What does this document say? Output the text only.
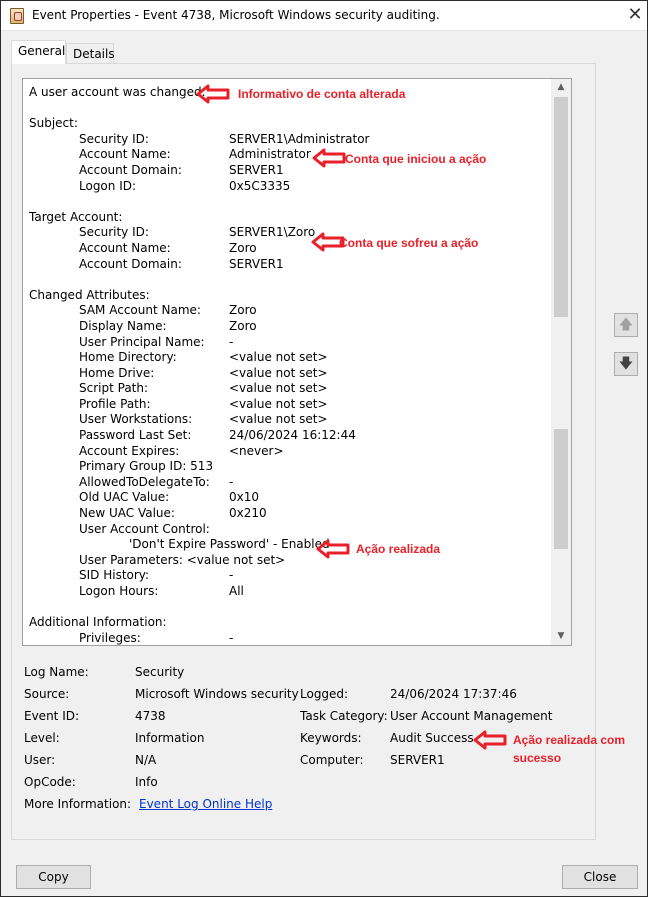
Event Properties - Event 4738, Microsoft Windows security auditing.	✕
General Details
A user account was changed.
Subject:
Security ID:	SERVER1\Administrator
Account Name:	Administrator
Account Domain:	SERVER1
Logon ID:	0x5C3335
Target Account:
Security ID:	SERVER1\Zoro
Account Name:	Zoro
Account Domain:	SERVER1
Changed Attributes:
SAM Account Name: Zoro
Display Name:	Zoro
User Principal Name: -
Home Directory:	<value not set>
Home Drive:	<value not set>
Script Path:	<value not set>
Profile Path:	<value not set>
User Workstations:	<value not set>
Password Last Set:	24/06/2024 16:12:44
Account Expires:	<never>
Primary Group ID: 513
AllowedToDelegateTo: -
Old UAC Value:	0x10
New UAC Value:	0x210
User Account Control:
'Don't Expire Password' - Enabled
User Parameters: <value not set>
SID History:	-
Logon Hours:	All
Additional Information:
Privileges:	-
▲
▼
🡅
🡇
Log Name:	Security
Source:	Microsoft Windows security Logged:	24/06/2024 17:37:46
Event ID:	4738	Task Category: User Account Management
Level:	Information	Keywords: Audit Success
User:	N/A	Computer: SERVER1
OpCode:	Info
More Information: Event Log Online Help
Copy	Close
Informativo de conta alterada
Conta que iniciou a ação
Conta que sofreu a ação
Ação realizada
Ação realizada com
sucesso
